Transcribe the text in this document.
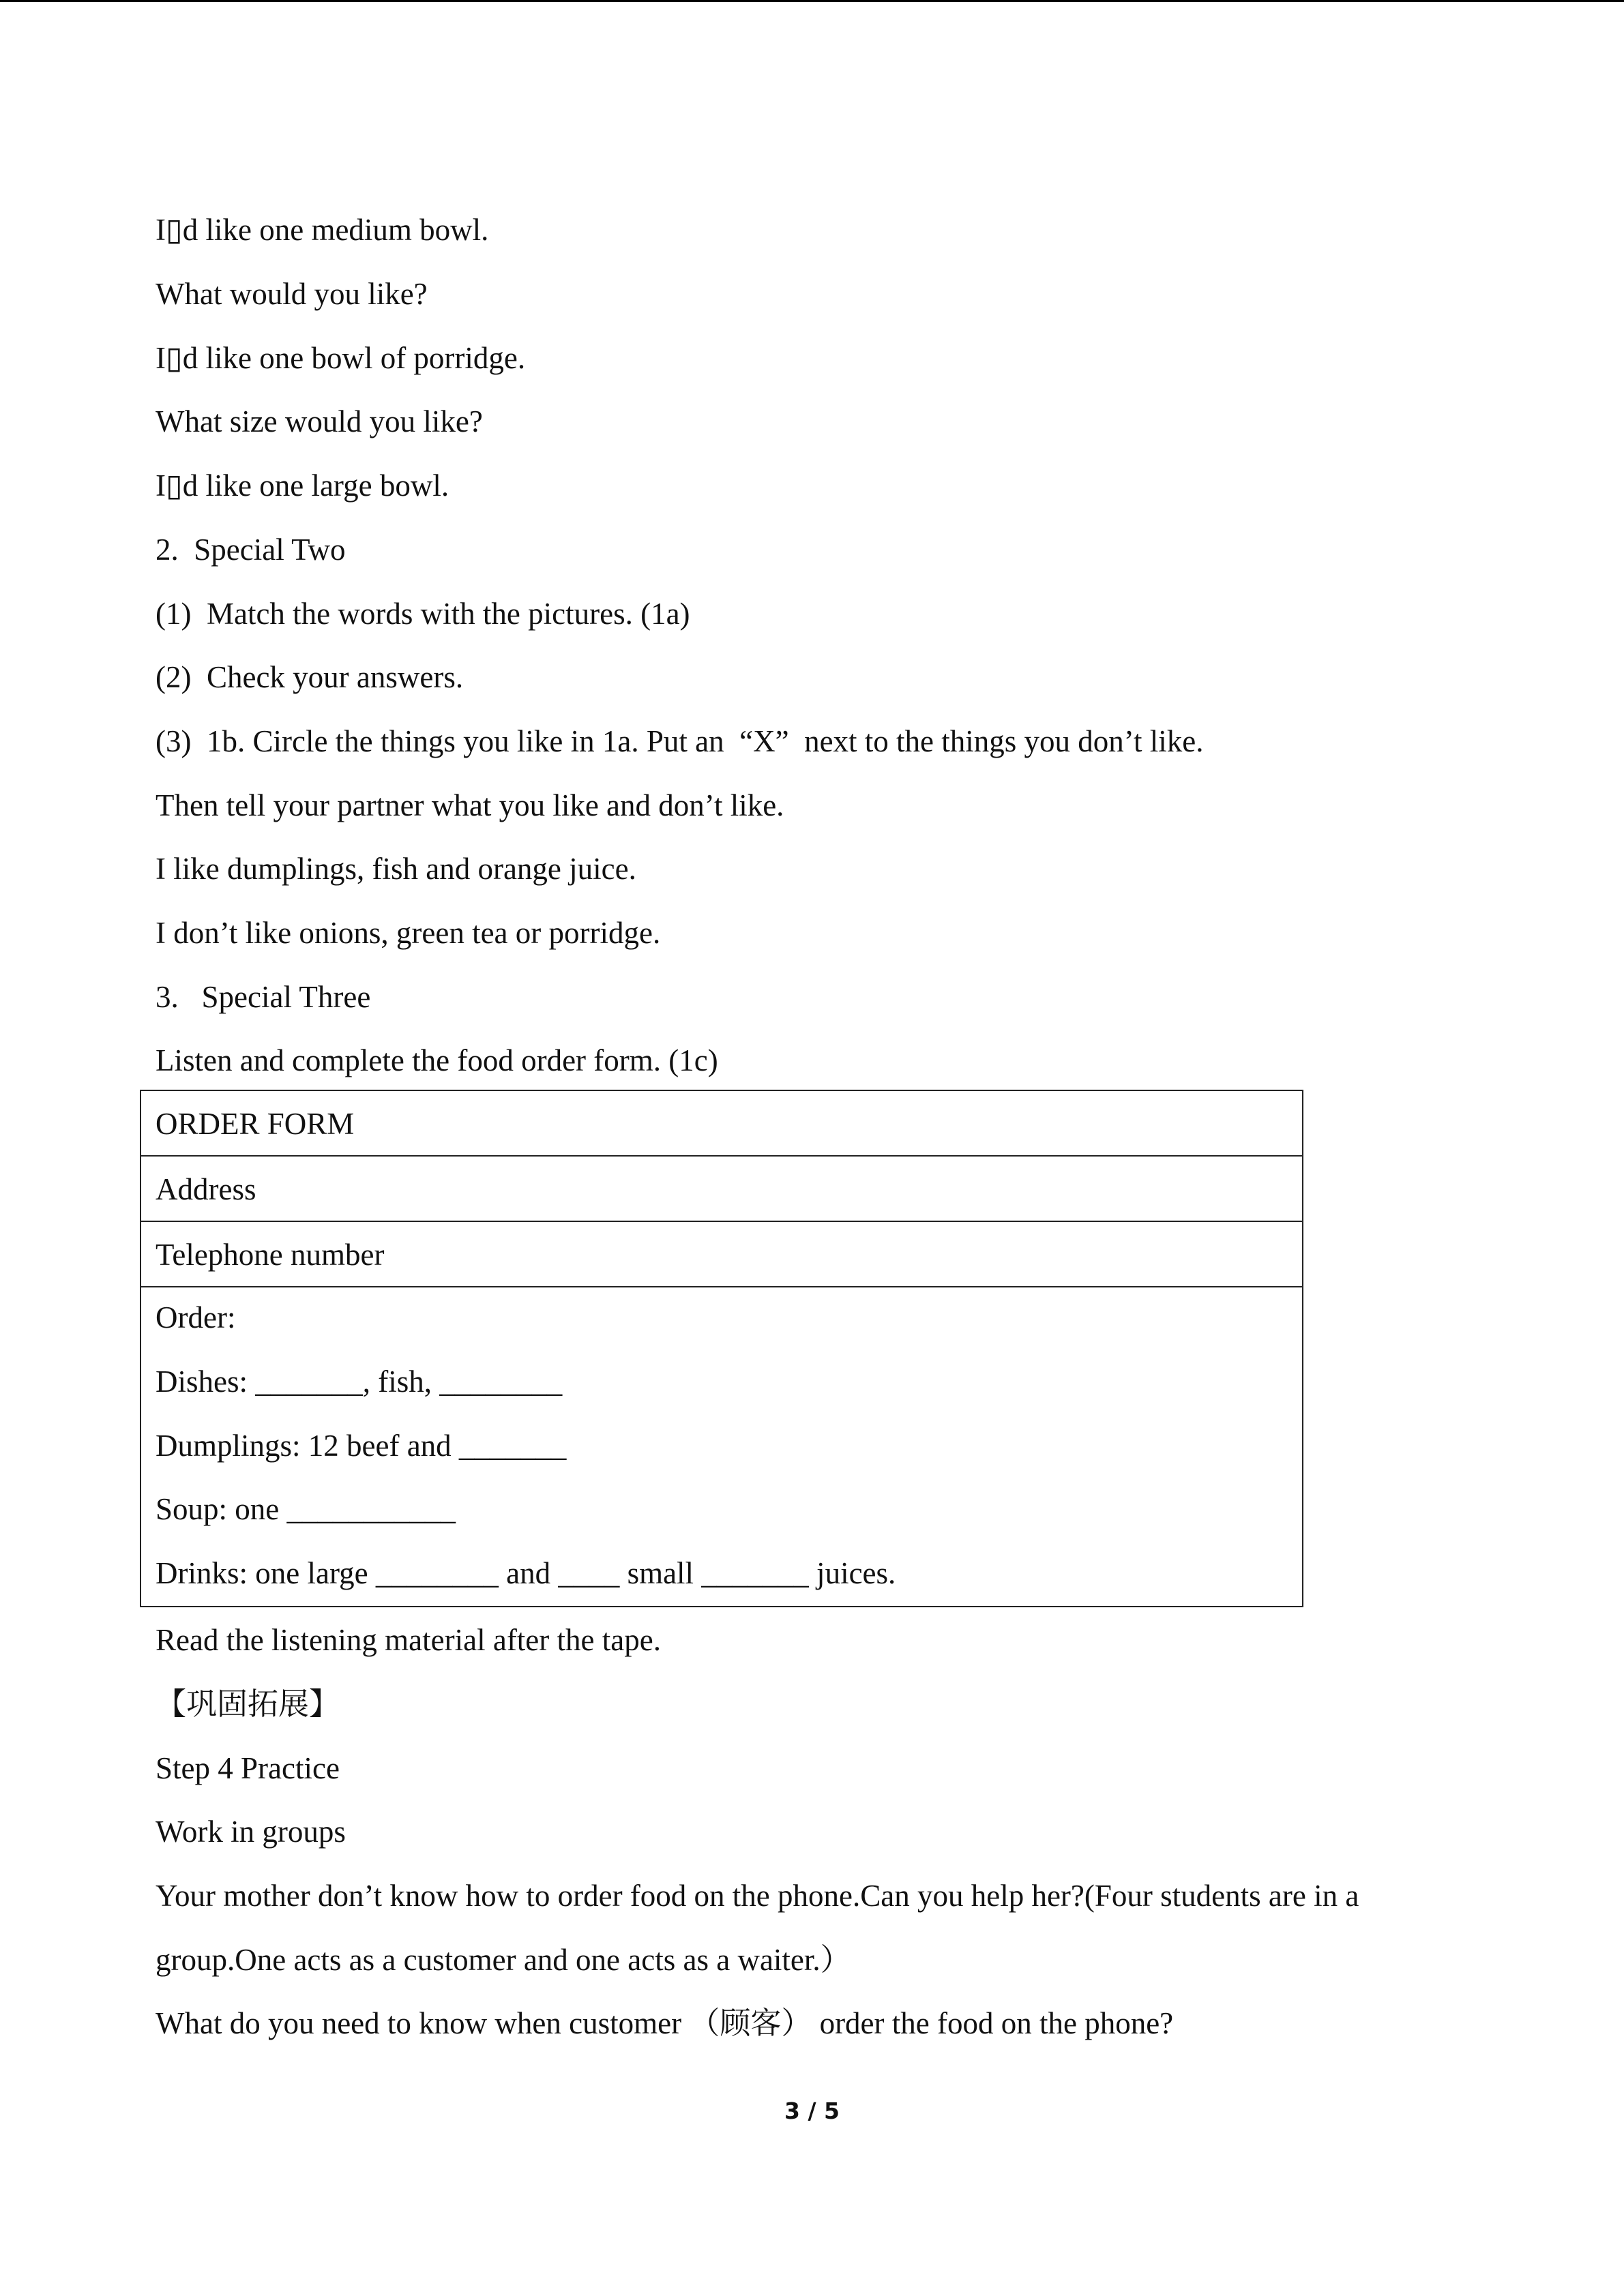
I▯d like one medium bowl.

What would you like?

I▯d like one bowl of porridge.

What size would you like?

I▯d like one large bowl.

2.  Special Two

(1)  Match the words with the pictures. (1a)

(2)  Check your answers.

(3)  1b. Circle the things you like in 1a. Put an  “X”  next to the things you don’t like.

Then tell your partner what you like and don’t like.

I like dumplings, fish and orange juice.

I don’t like onions, green tea or porridge.

3.   Special Three

Listen and complete the food order form. (1c)

ORDER FORM
Address
Telephone number
Order:
Dishes: _______, fish, ________
Dumplings: 12 beef and _______
Soup: one ___________
Drinks: one large ________ and ____ small _______ juices.

Read the listening material after the tape.

【巩固拓展】

Step 4 Practice

Work in groups

Your mother don’t know how to order food on the phone.Can you help her?(Four students are in a

group.One acts as a customer and one acts as a waiter.）

What do you need to know when customer （顾客） order the food on the phone?

3 / 5
